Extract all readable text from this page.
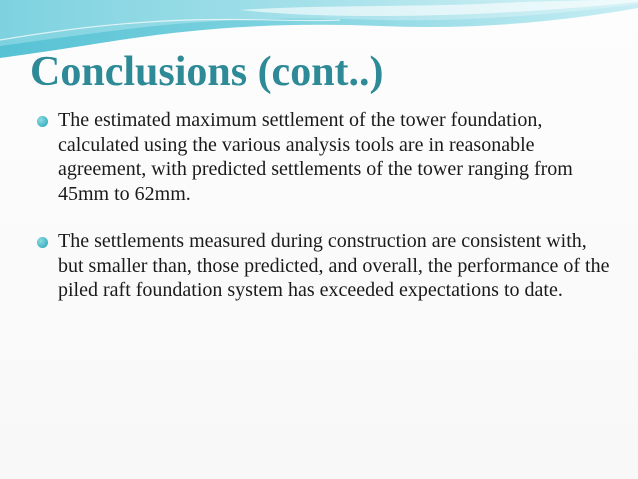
Conclusions (cont..)
The estimated maximum settlement of the tower foundation, calculated using the various analysis tools are in reasonable agreement, with predicted settlements of the tower ranging from 45mm to 62mm.
The settlements measured during construction are consistent with, but smaller than, those predicted, and overall, the performance of the piled raft foundation system has exceeded expectations to date.
